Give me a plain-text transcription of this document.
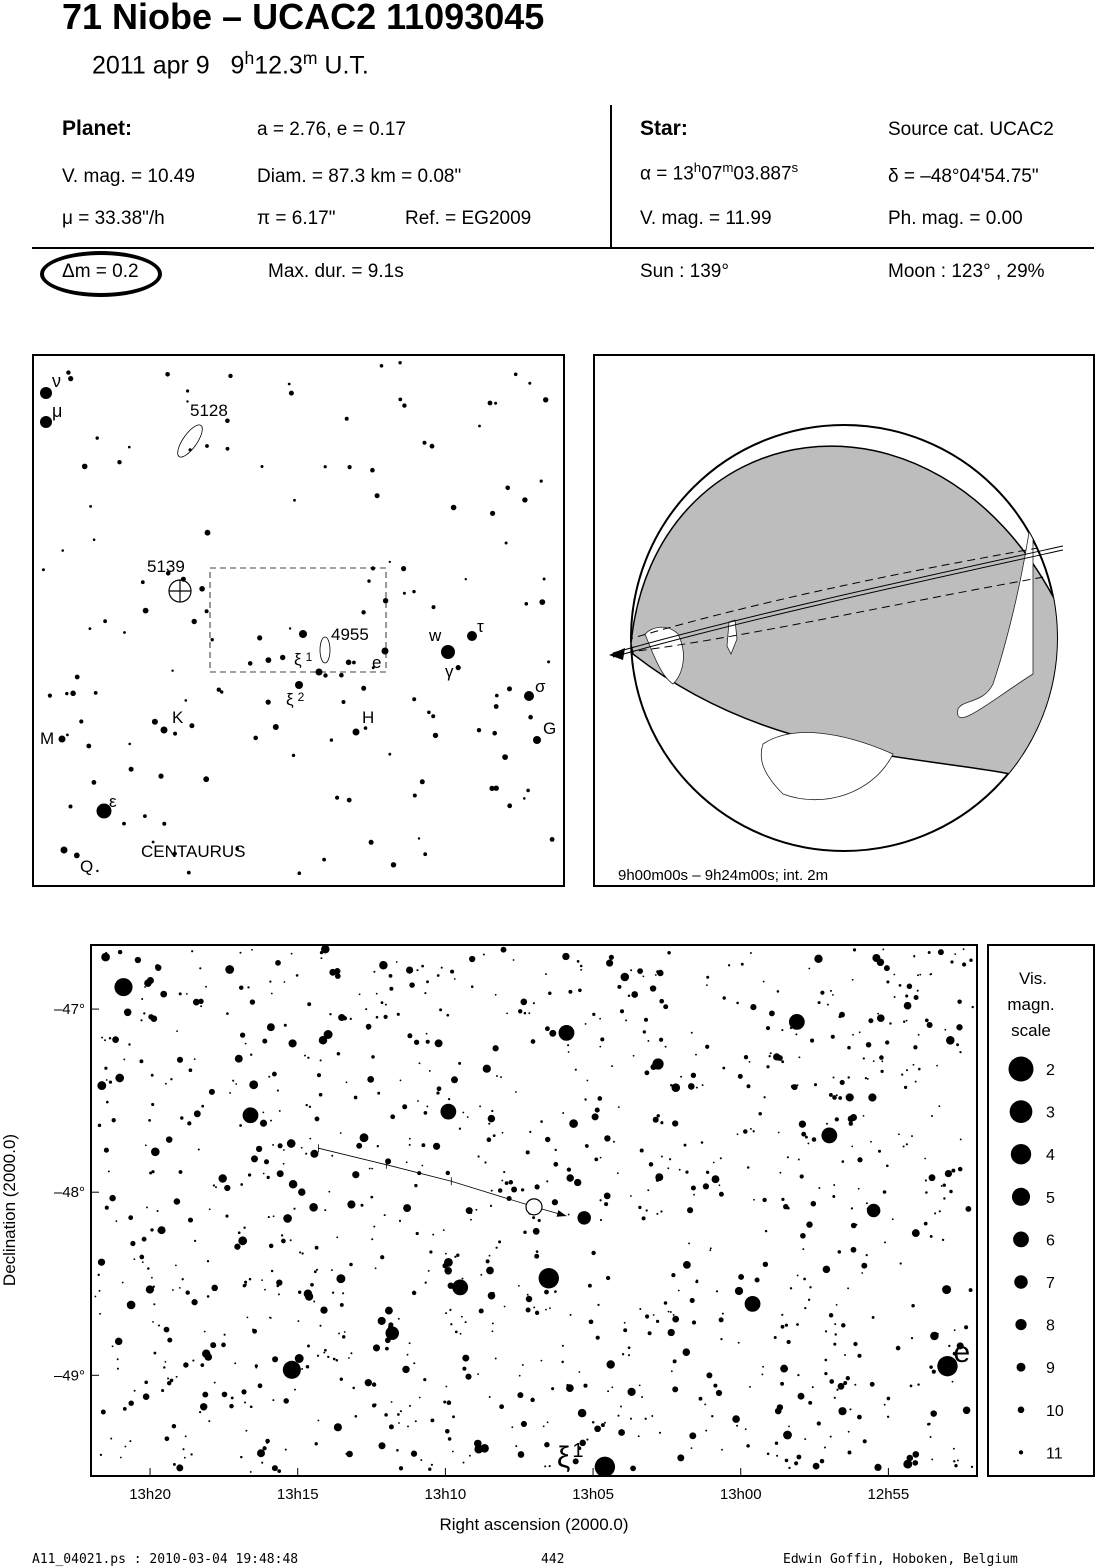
71 Niobe – UCAC2 11093045
2011 apr 9 9$^h$12.3$^m$ U.T.
Planet:	a = 2.76, e = 0.17
V. mag. = 10.49	Diam. = 87.3 km = 0.08"
μ = 33.38"/h	π = 6.17"	Ref. = EG2009
Star:	Source cat. UCAC2
$\alpha = 13^h07^m03.887^s$	δ = –48°04'54.75"
V. mag. = 11.99	Ph. mag. = 0.00
Δm = 0.2	Max. dur. = 9.1s	Sun : 139°	Moon : 123° , 29%
5128
5139
4955
CENTAURUS
ν
μ
ξ $^1$
ξ $^2$
γ
τ
σ
ε
w
e
K	H
M
G
Q	9h00m00s – 9h24m00s; int. 2m
ξ $^1$
e
13h20	13h15	13h10	13h05	13h00	12h55
–47°
–48°
–49°
Right ascension (2000.0)
Declination (2000.0)
Vis.
magn.
scale
2
3
4
5
6
7
8
9
10
11
A11_04021.ps : 2010-03-04 19:48:48	442	Edwin Goffin, Hoboken, Belgium
